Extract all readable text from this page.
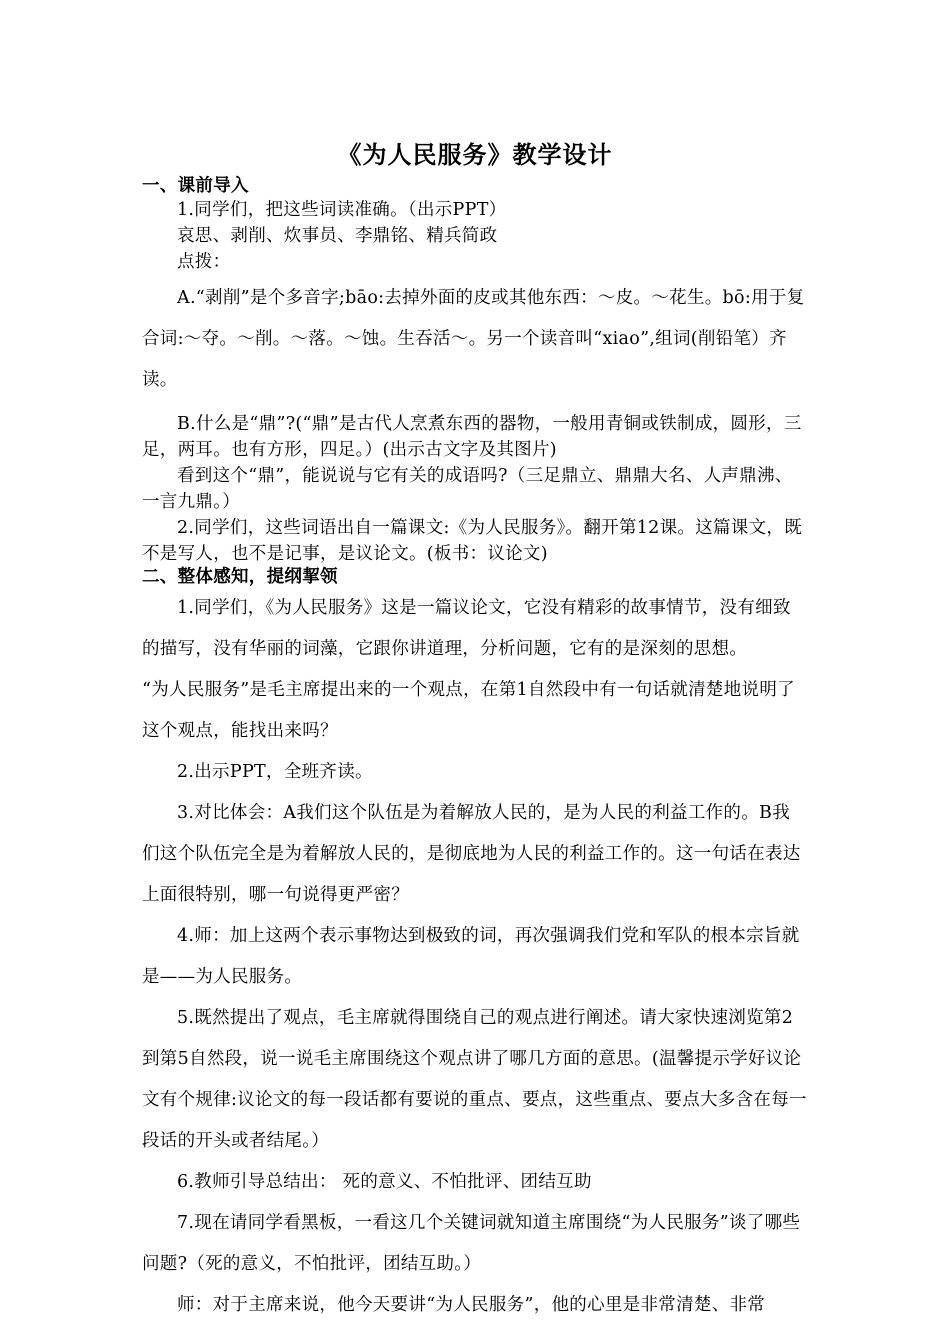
《为人民服务》教学设计
一、课前导入
1.同学们，把这些词读准确。（出示PPT）
哀思、剥削、炊事员、李鼎铭、精兵简政
点拨：
A.“剥削”是个多音字;bāo:去掉外面的皮或其他东西：～皮。～花生。bō:用于复合词:～夺。～削。～落。～蚀。生吞活～。另一个读音叫“xiao”,组词(削铅笔）齐读。
B.什么是“鼎”?(“鼎”是古代人烹煮东西的器物，一般用青铜或铁制成，圆形，三足，两耳。也有方形，四足。）(出示古文字及其图片)
看到这个“鼎”，能说说与它有关的成语吗?（三足鼎立、鼎鼎大名、人声鼎沸、一言九鼎。）
2.同学们，这些词语出自一篇课文:《为人民服务》。翻开第12课。这篇课文，既不是写人，也不是记事，是议论文。(板书：议论文)
二、整体感知，提纲挈领
1.同学们，《为人民服务》这是一篇议论文，它没有精彩的故事情节，没有细致的描写，没有华丽的词藻，它跟你讲道理，分析问题，它有的是深刻的思想。
“为人民服务”是毛主席提出来的一个观点，在第1自然段中有一句话就清楚地说明了这个观点，能找出来吗？
2.出示PPT，全班齐读。
3.对比体会：A我们这个队伍是为着解放人民的，是为人民的利益工作的。B我们这个队伍完全是为着解放人民的，是彻底地为人民的利益工作的。这一句话在表达上面很特别，哪一句说得更严密？
4.师：加上这两个表示事物达到极致的词，再次强调我们党和军队的根本宗旨就是——为人民服务。
5.既然提出了观点，毛主席就得围绕自己的观点进行阐述。请大家快速浏览第2到第5自然段，说一说毛主席围绕这个观点讲了哪几方面的意思。(温馨提示学好议论文有个规律:议论文的每一段话都有要说的重点、要点，这些重点、要点大多含在每一段话的开头或者结尾。）
6.教师引导总结出： 死的意义、不怕批评、团结互助
7.现在请同学看黑板，一看这几个关键词就知道主席围绕“为人民服务”谈了哪些问题?（死的意义，不怕批评，团结互助。）
师：对于主席来说，他今天要讲“为人民服务”，他的心里是非常清楚、非常
